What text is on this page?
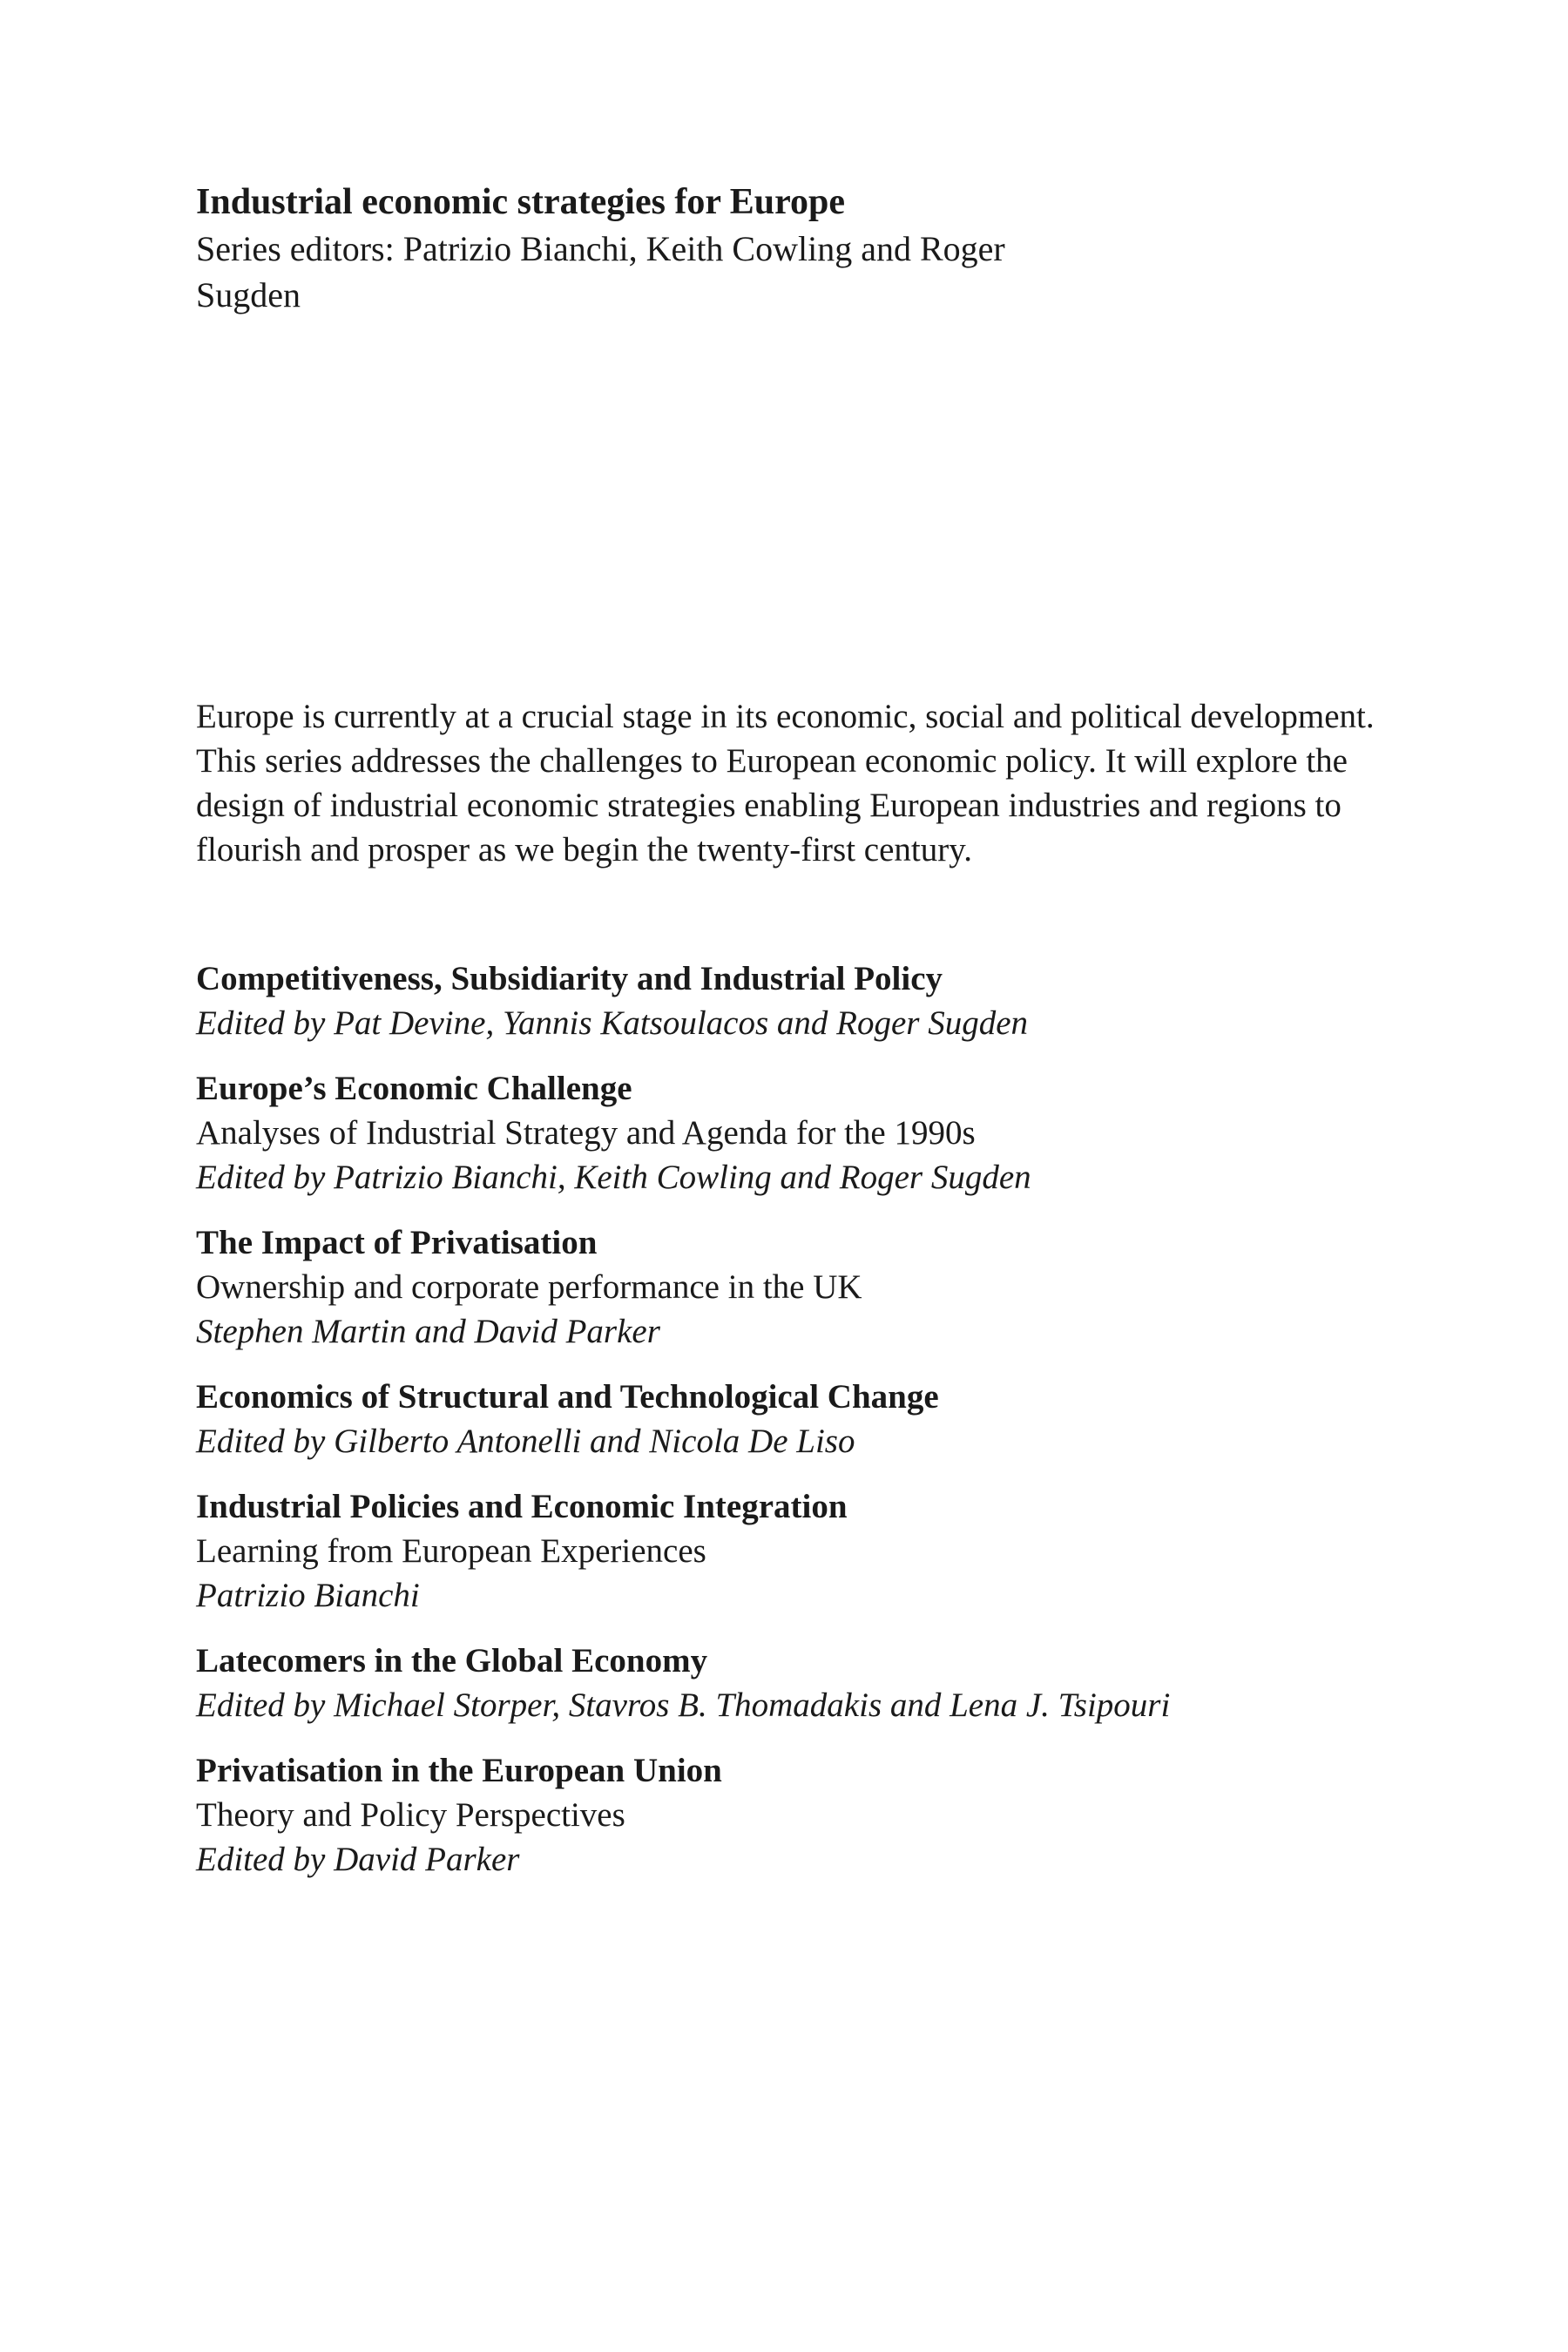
Industrial economic strategies for Europe

Series editors: Patrizio Bianchi, Keith Cowling and Roger Sugden

Europe is currently at a crucial stage in its economic, social and political development. This series addresses the challenges to European economic policy. It will explore the design of industrial economic strategies enabling European industries and regions to flourish and prosper as we begin the twenty-first century.

Competitiveness, Subsidiarity and Industrial Policy

Edited by Pat Devine, Yannis Katsoulacos and Roger Sugden

Europe’s Economic Challenge

Analyses of Industrial Strategy and Agenda for the 1990s

Edited by Patrizio Bianchi, Keith Cowling and Roger Sugden

The Impact of Privatisation

Ownership and corporate performance in the UK

Stephen Martin and David Parker

Economics of Structural and Technological Change

Edited by Gilberto Antonelli and Nicola De Liso

Industrial Policies and Economic Integration

Learning from European Experiences

Patrizio Bianchi

Latecomers in the Global Economy

Edited by Michael Storper, Stavros B. Thomadakis and Lena J. Tsipouri

Privatisation in the European Union

Theory and Policy Perspectives

Edited by David Parker
